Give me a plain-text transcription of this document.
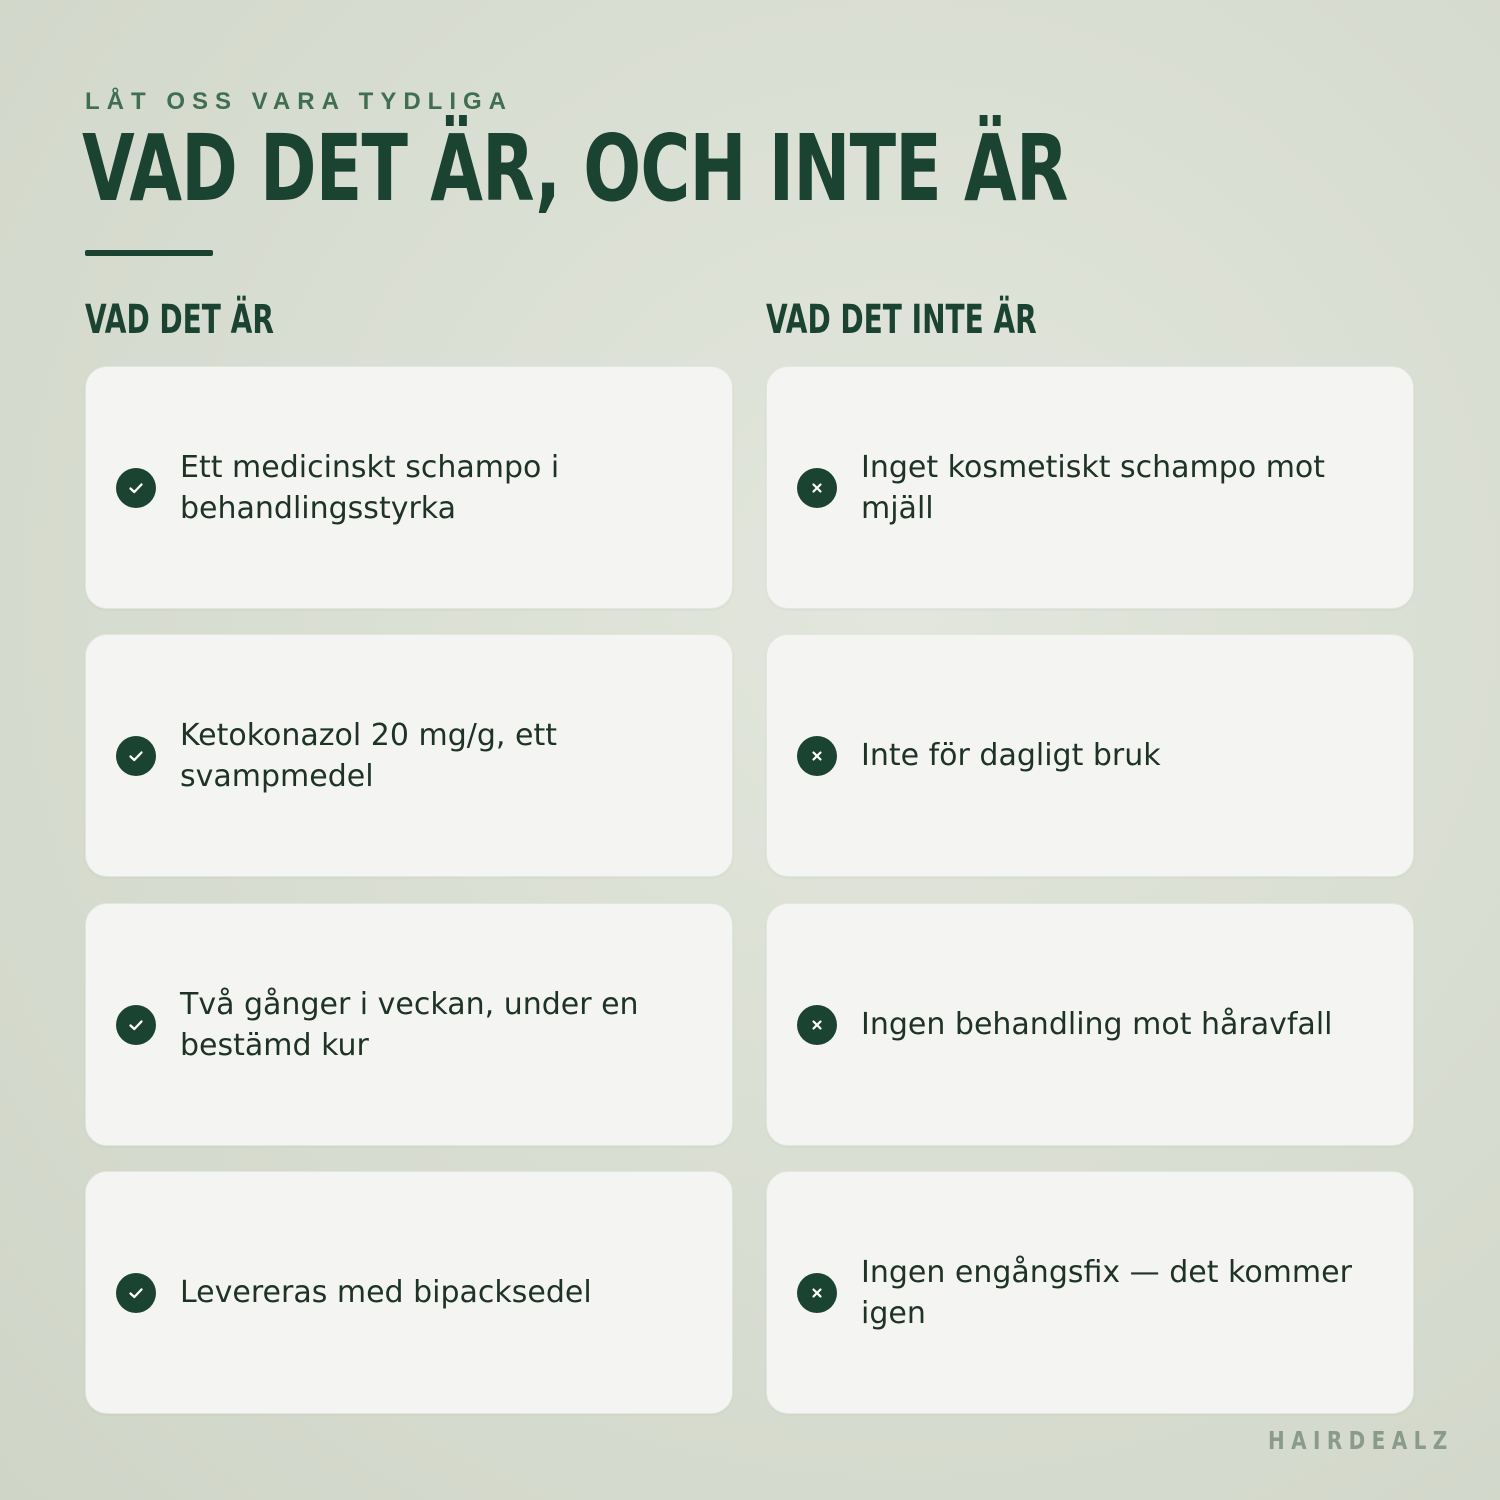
LÅT OSS VARA TYDLIGA
VAD DET ÄR, OCH INTE ÄR
VAD DET ÄR	VAD DET INTE ÄR
Ett medicinskt schampo i behandlingsstyrka
Ketokonazol 20 mg/g, ett svampmedel
Två gånger i veckan, under en bestämd kur
Levereras med bipacksedel
Inget kosmetiskt schampo mot mjäll
Inte för dagligt bruk
Ingen behandling mot håravfall
Ingen engångsfix — det kommer igen
HAIRDEALZ
